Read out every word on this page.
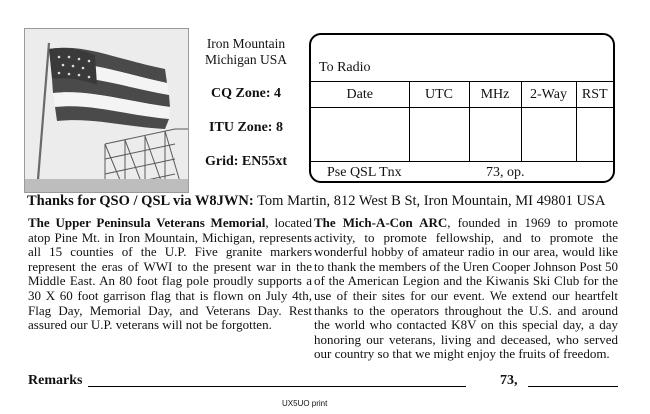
Iron Mountain
Michigan USA
CQ Zone: 4
ITU Zone: 8
Grid: EN55xt
To Radio
Date	UTC	MHz	2-Way	RST

Pse QSL Tnx	73, op.
Thanks for QSO / QSL via W8JWN: Tom Martin, 812 West B St, Iron Mountain, MI 49801 USA
The Upper Peninsula Veterans Memorial, located atop Pine Mt. in Iron Mountain, Michigan, represents all 15 counties of the U.P. Five granite markers represent the eras of WWI to the present war in the Middle East. An 80 foot flag pole proudly supports a 30 X 60 foot garrison flag that is flown on July 4th, Flag Day, Memorial Day, and Veterans Day. Rest assured our U.P. veterans will not be forgotten.
The Mich-A-Con ARC, founded in 1969 to promote activity, to promote fellowship, and to promote the wonderful hobby of amateur radio in our area, would like to thank the members of the Uren Cooper Johnson Post 50 of the American Legion and the Kiwanis Ski Club for the use of their sites for our event. We extend our heartfelt thanks to the operators throughout the U.S. and around the world who contacted K8V on this special day, a day honoring our veterans, living and deceased, who served our country so that we might enjoy the fruits of freedom.
Remarks	73,
UX5UO print
